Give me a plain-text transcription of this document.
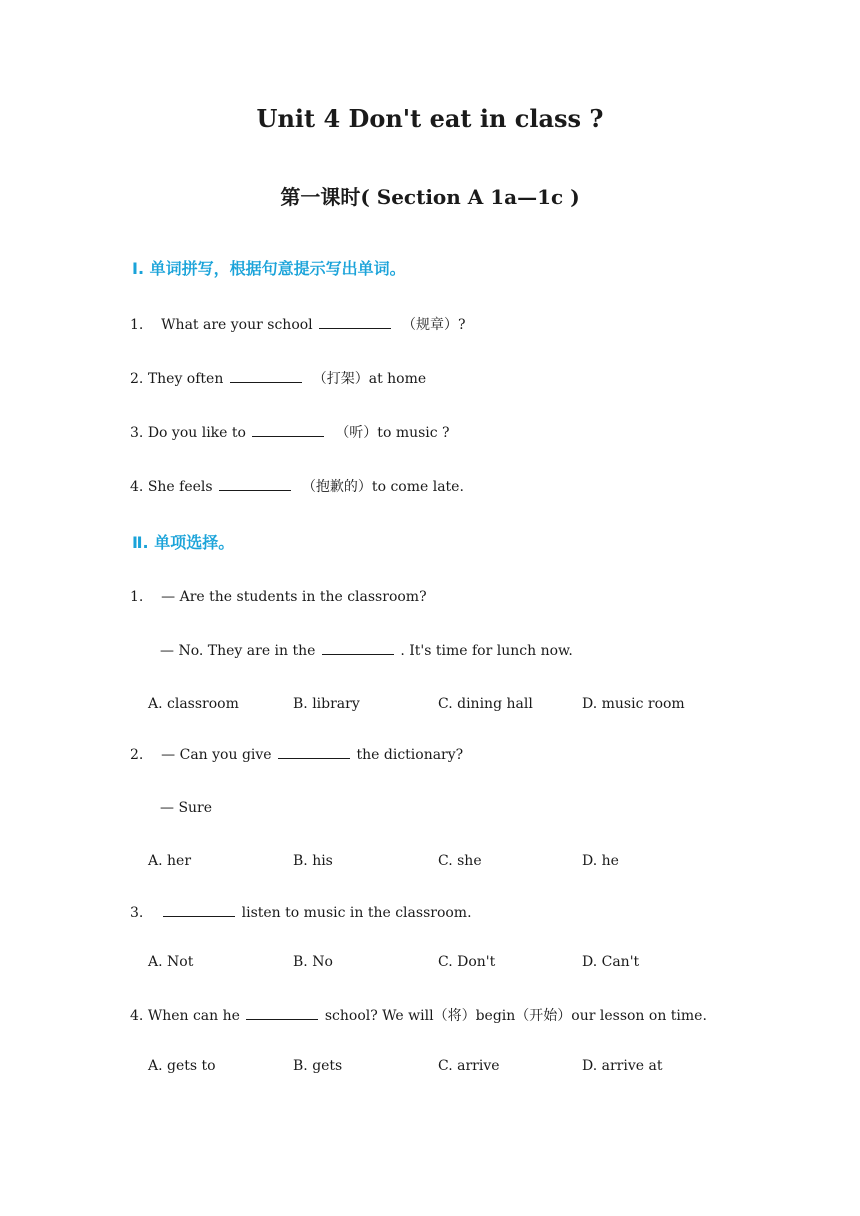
Unit 4 Don't eat in class ?
第一课时( Section A 1a—1c )
Ⅰ. 单词拼写，根据句意提示写出单词。
1. What are your school	（规章）?
2. They often	（打架）at home
3. Do you like to	（听）to music ?
4. She feels	（抱歉的）to come late.
Ⅱ. 单项选择。
1. — Are the students in the classroom?
— No. They are in the	. It's time for lunch now.
A. classroom	B. library	C. dining hall	D. music room
2. — Can you give	the dictionary?
— Sure
A. her	B. his	C. she	D. he
3.	listen to music in the classroom.
A. Not	B. No	C. Don't	D. Can't
4. When can he	school? We will（将）begin（开始）our lesson on time.
A. gets to	B. gets	C. arrive	D. arrive at
